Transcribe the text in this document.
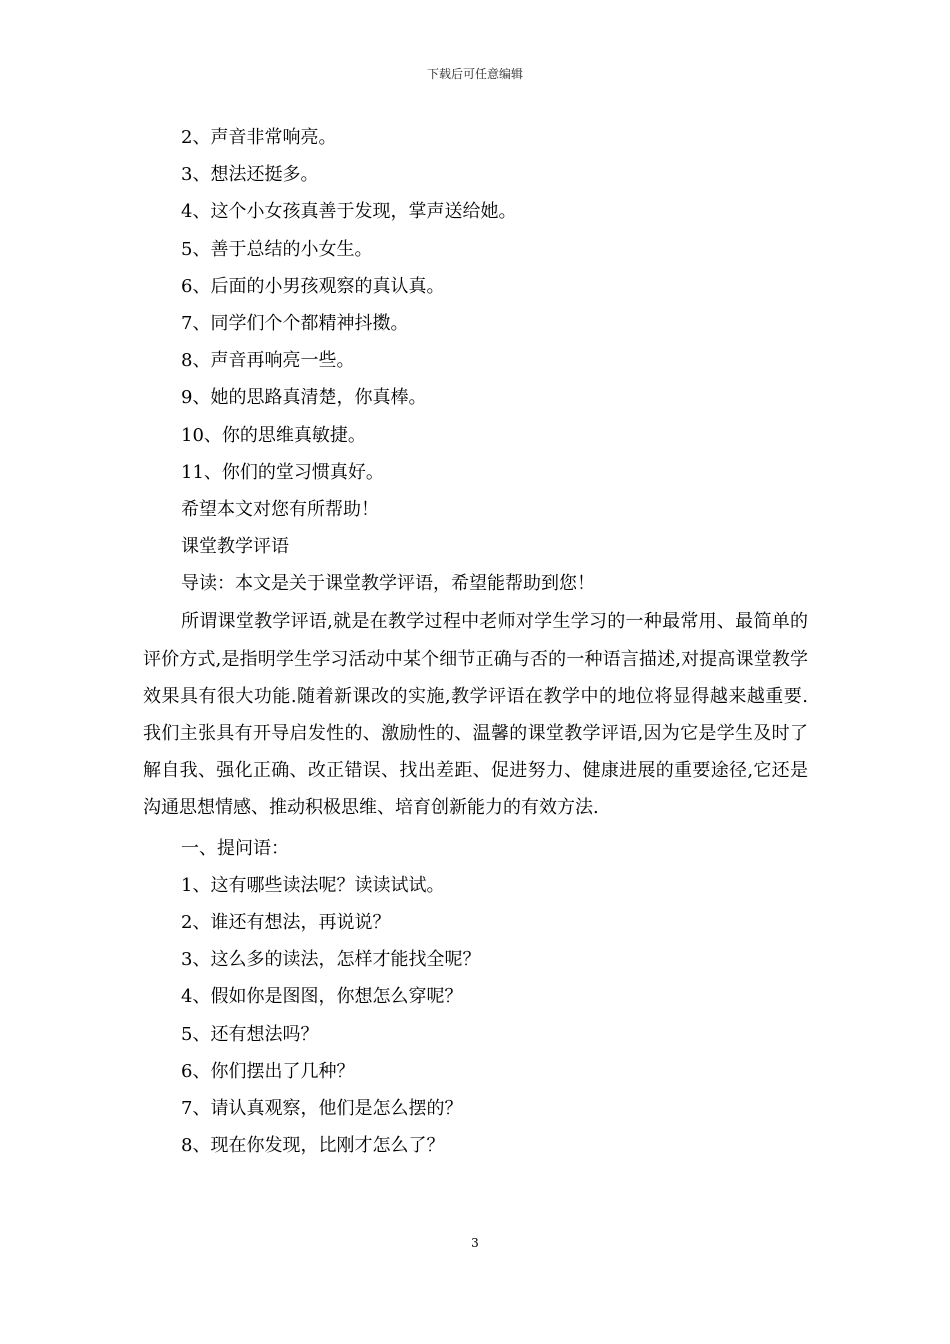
下载后可任意编辑
2、声音非常响亮。
3、想法还挺多。
4、这个小女孩真善于发现，掌声送给她。
5、善于总结的小女生。
6、后面的小男孩观察的真认真。
7、同学们个个都精神抖擞。
8、声音再响亮一些。
9、她的思路真清楚，你真棒。
10、你的思维真敏捷。
11、你们的堂习惯真好。
希望本文对您有所帮助！
课堂教学评语
导读：本文是关于课堂教学评语，希望能帮助到您！

所谓课堂教学评语,就是在教学过程中老师对学生学习的一种最常用、最简单的评价方式,是指明学生学习活动中某个细节正确与否的一种语言描述,对提高课堂教学效果具有很大功能.随着新课改的实施,教学评语在教学中的地位将显得越来越重要.我们主张具有开导启发性的、激励性的、温馨的课堂教学评语,因为它是学生及时了解自我、强化正确、改正错误、找出差距、促进努力、健康进展的重要途径,它还是沟通思想情感、推动积极思维、培育创新能力的有效方法.

一、提问语：
1、这有哪些读法呢？读读试试。
2、谁还有想法，再说说？
3、这么多的读法，怎样才能找全呢？
4、假如你是图图，你想怎么穿呢？
5、还有想法吗？
6、你们摆出了几种？
7、请认真观察，他们是怎么摆的？
8、现在你发现，比刚才怎么了？
3
